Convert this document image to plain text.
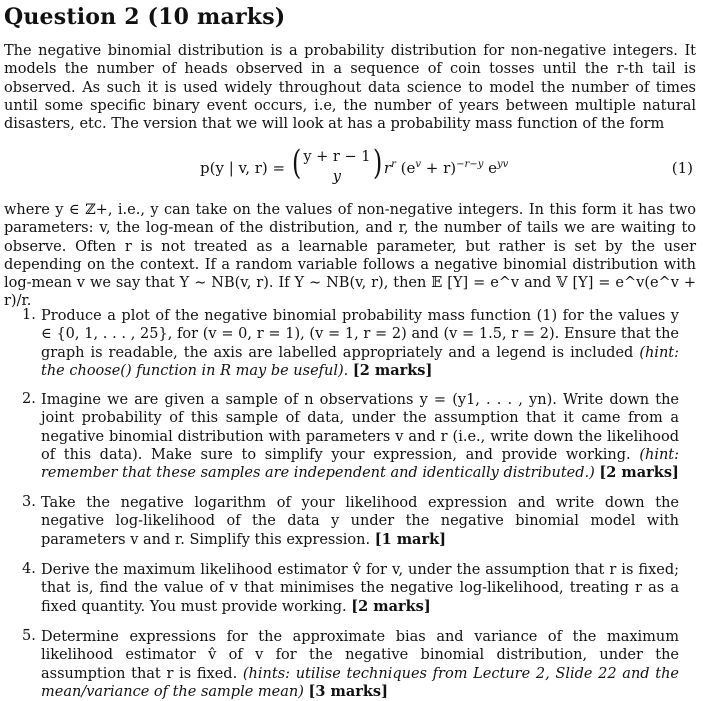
Question 2 (10 marks)

The negative binomial distribution is a probability distribution for non-negative integers. It models the number of heads observed in a sequence of coin tosses until the r-th tail is observed. As such it is used widely throughout data science to model the number of times until some specific binary event occurs, i.e, the number of years between multiple natural disasters, etc. The version that we will look at has a probability mass function of the form

p(y | v, r) = ( y + r − 1
y ) $r^r$ $(e^v + r)^{-r-y}$ $e^{yv}$	(1)

where y ∈ ℤ+, i.e., y can take on the values of non-negative integers. In this form it has two parameters: v, the log-mean of the distribution, and r, the number of tails we are waiting to observe. Often r is not treated as a learnable parameter, but rather is set by the user depending on the context. If a random variable follows a negative binomial distribution with log-mean v we say that Y ∼ NB(v, r). If Y ∼ NB(v, r), then 𝔼 [Y] = e^v and 𝕍 [Y] = e^v(e^v + r)/r.

1. Produce a plot of the negative binomial probability mass function (1) for the values y ∈ {0, 1, . . . , 25}, for (v = 0, r = 1), (v = 1, r = 2) and (v = 1.5, r = 2). Ensure that the graph is readable, the axis are labelled appropriately and a legend is included (hint: the choose() function in R may be useful). [2 marks]

2. Imagine we are given a sample of n observations y = (y1, . . . , yn). Write down the joint probability of this sample of data, under the assumption that it came from a negative binomial distribution with parameters v and r (i.e., write down the likelihood of this data). Make sure to simplify your expression, and provide working. (hint: remember that these samples are independent and identically distributed.) [2 marks]

3. Take the negative logarithm of your likelihood expression and write down the negative log-likelihood of the data y under the negative binomial model with parameters v and r. Simplify this expression. [1 mark]

4. Derive the maximum likelihood estimator v̂ for v, under the assumption that r is fixed; that is, find the value of v that minimises the negative log-likelihood, treating r as a fixed quantity. You must provide working. [2 marks]

5. Determine expressions for the approximate bias and variance of the maximum likelihood estimator v̂ of v for the negative binomial distribution, under the assumption that r is fixed. (hints: utilise techniques from Lecture 2, Slide 22 and the mean/variance of the sample mean) [3 marks]
